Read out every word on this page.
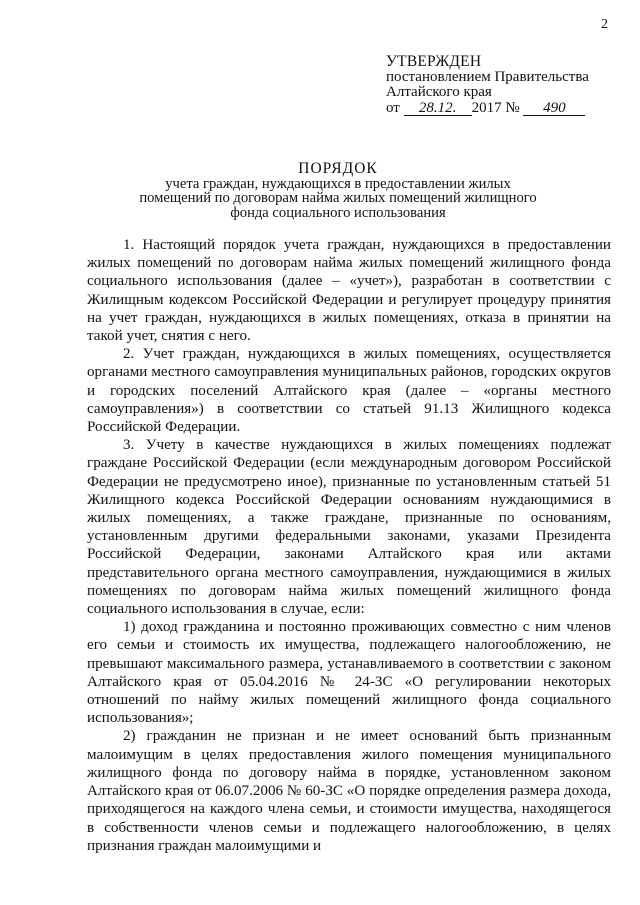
2
УТВЕРЖДЕН
постановлением Правительства
Алтайского края
от 28.12. 2017 № 490
ПОРЯДОК
учета граждан, нуждающихся в предоставлении жилых помещений по договорам найма жилых помещений жилищного фонда социального использования

1. Настоящий порядок учета граждан, нуждающихся в предоставлении жилых помещений по договорам найма жилых помещений жилищного фонда социального использования (далее – «учет»), разработан в соответствии с Жилищным кодексом Российской Федерации и регулирует процедуру принятия на учет граждан, нуждающихся в жилых помещениях, отказа в принятии на такой учет, снятия с него.

2. Учет граждан, нуждающихся в жилых помещениях, осуществляется органами местного самоуправления муниципальных районов, городских округов и городских поселений Алтайского края (далее – «органы местного самоуправления») в соответствии со статьей 91.13 Жилищного кодекса Российской Федерации.

3. Учету в качестве нуждающихся в жилых помещениях подлежат граждане Российской Федерации (если международным договором Российской Федерации не предусмотрено иное), признанные по установленным статьей 51 Жилищного кодекса Российской Федерации основаниям нуждающимися в жилых помещениях, а также граждане, признанные по основаниям, установленным другими федеральными законами, указами Президента Российской Федерации, законами Алтайского края или актами представительного органа местного самоуправления, нуждающимися в жилых помещениях по договорам найма жилых помещений жилищного фонда социального использования в случае, если:

1) доход гражданина и постоянно проживающих совместно с ним членов его семьи и стоимость их имущества, подлежащего налогообложению, не превышают максимального размера, устанавливаемого в соответствии с законом Алтайского края от 05.04.2016 № 24-ЗС «О регулировании некоторых отношений по найму жилых помещений жилищного фонда социального использования»;

2) гражданин не признан и не имеет оснований быть признанным малоимущим в целях предоставления жилого помещения муниципального жилищного фонда по договору найма в порядке, установленном законом Алтайского края от 06.07.2006 № 60-ЗС «О порядке определения размера дохода, приходящегося на каждого члена семьи, и стоимости имущества, находящегося в собственности членов семьи и подлежащего налогообложению, в целях признания граждан малоимущими и
